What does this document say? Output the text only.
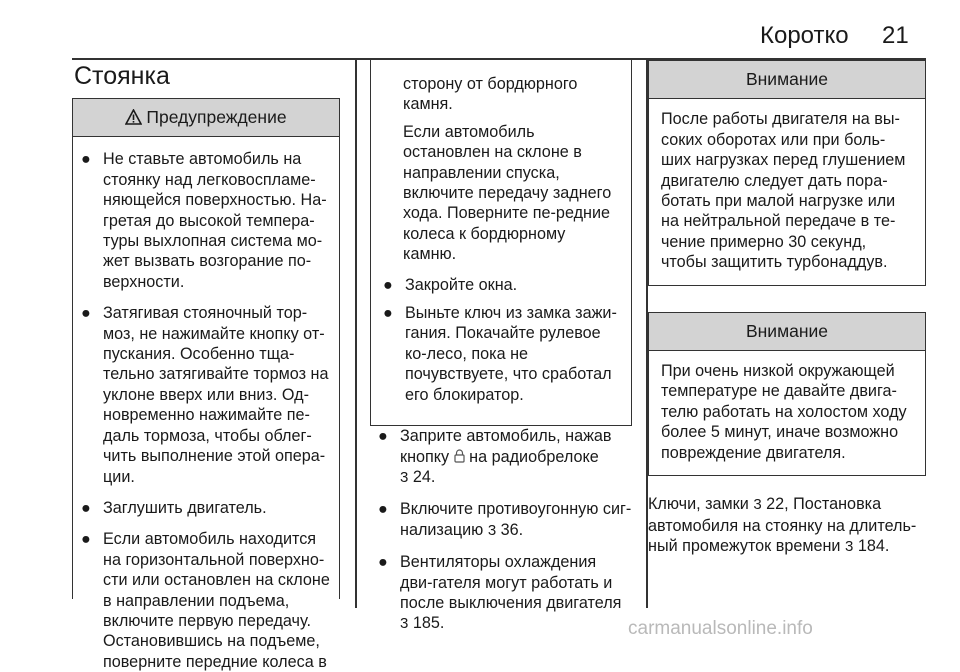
Коротко 21
Стоянка
Предупреждение
● Не ставьте автомобиль на стоянку над легковоспламе-няющейся поверхностью. На-гретая до высокой темпера-туры выхлопная система мо-жет вызвать возгорание по-верхности.
● Затягивая стояночный тор-моз, не нажимайте кнопку от-пускания. Особенно тща-тельно затягивайте тормоз на уклоне вверх или вниз. Од-новременно нажимайте пе-даль тормоза, чтобы облег-чить выполнение этой опера-ции.
● Заглушить двигатель.
● Если автомобиль находится на горизонтальной поверхно-сти или остановлен на склоне в направлении подъема, включите первую передачу. Остановившись на подъеме, поверните передние колеса в

сторону от бордюрного камня.

Если автомобиль остановлен на склоне в направлении спуска, включите передачу заднего хода. Поверните пе-редние колеса к бордюрному камню.

● Закройте окна.
● Выньте ключ из замка зажи-гания. Покачайте рулевое ко-лесо, пока не почувствуете, что сработал его блокиратор.
● Заприте автомобиль, нажав кнопку на радиобрелоке
3 24.
● Включите противоугонную сиг-нализацию 3 36.
● Вентиляторы охлаждения дви-гателя могут работать и после выключения двигателя 3 185.
Внимание
После работы двигателя на вы-соких оборотах или при боль-ших нагрузках перед глушением двигателю следует дать пора-ботать при малой нагрузке или на нейтральной передаче в те-чение примерно 30 секунд, чтобы защитить турбонаддув.
Внимание
При очень низкой окружающей температуре не давайте двига-телю работать на холостом ходу более 5 минут, иначе возможно повреждение двигателя.
Ключи, замки 3 22, Постановка автомобиля на стоянку на длитель-ный промежуток времени 3 184.
carmanualsonline.info
